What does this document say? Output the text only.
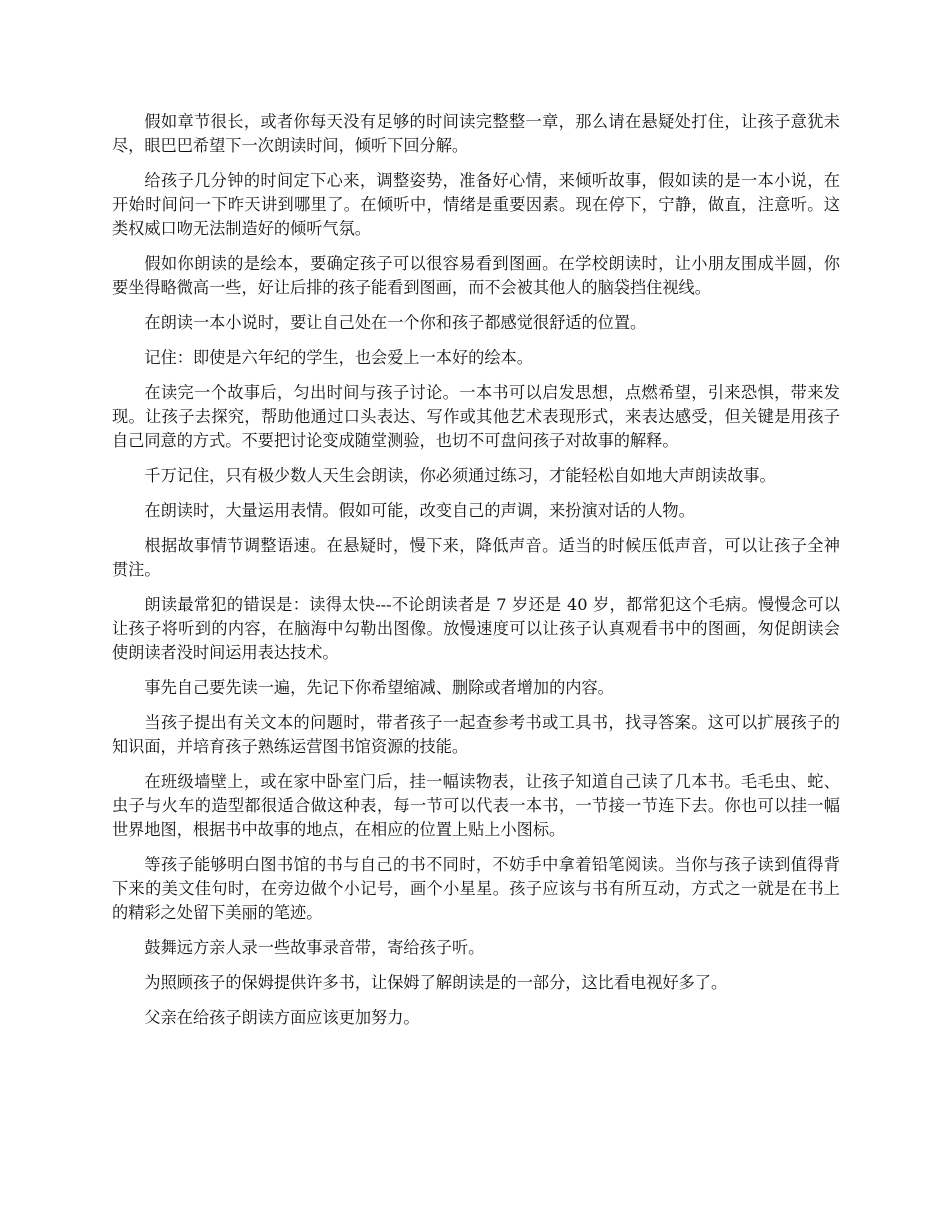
假如章节很长，或者你每天没有足够的时间读完整整一章，那么请在悬疑处打住，让孩子意犹未尽，眼巴巴希望下一次朗读时间，倾听下回分解。

给孩子几分钟的时间定下心来，调整姿势，准备好心情，来倾听故事，假如读的是一本小说，在开始时间问一下昨天讲到哪里了。在倾听中，情绪是重要因素。现在停下，宁静，做直，注意听。这类权威口吻无法制造好的倾听气氛。

假如你朗读的是绘本，要确定孩子可以很容易看到图画。在学校朗读时，让小朋友围成半圆，你要坐得略微高一些，好让后排的孩子能看到图画，而不会被其他人的脑袋挡住视线。

在朗读一本小说时，要让自己处在一个你和孩子都感觉很舒适的位置。

记住：即使是六年纪的学生，也会爱上一本好的绘本。

在读完一个故事后，匀出时间与孩子讨论。一本书可以启发思想，点燃希望，引来恐惧，带来发现。让孩子去探究，帮助他通过口头表达、写作或其他艺术表现形式，来表达感受，但关键是用孩子自己同意的方式。不要把讨论变成随堂测验，也切不可盘问孩子对故事的解释。

千万记住，只有极少数人天生会朗读，你必须通过练习，才能轻松自如地大声朗读故事。

在朗读时，大量运用表情。假如可能，改变自己的声调，来扮演对话的人物。

根据故事情节调整语速。在悬疑时，慢下来，降低声音。适当的时候压低声音，可以让孩子全神贯注。

朗读最常犯的错误是：读得太快---不论朗读者是 7 岁还是 40 岁，都常犯这个毛病。慢慢念可以让孩子将听到的内容，在脑海中勾勒出图像。放慢速度可以让孩子认真观看书中的图画，匆促朗读会使朗读者没时间运用表达技术。

事先自己要先读一遍，先记下你希望缩减、删除或者增加的内容。

当孩子提出有关文本的问题时，带者孩子一起查参考书或工具书，找寻答案。这可以扩展孩子的知识面，并培育孩子熟练运营图书馆资源的技能。

在班级墙壁上，或在家中卧室门后，挂一幅读物表，让孩子知道自己读了几本书。毛毛虫、蛇、虫子与火车的造型都很适合做这种表，每一节可以代表一本书，一节接一节连下去。你也可以挂一幅世界地图，根据书中故事的地点，在相应的位置上贴上小图标。

等孩子能够明白图书馆的书与自己的书不同时，不妨手中拿着铅笔阅读。当你与孩子读到值得背下来的美文佳句时，在旁边做个小记号，画个小星星。孩子应该与书有所互动，方式之一就是在书上的精彩之处留下美丽的笔迹。

鼓舞远方亲人录一些故事录音带，寄给孩子听。

为照顾孩子的保姆提供许多书，让保姆了解朗读是的一部分，这比看电视好多了。

父亲在给孩子朗读方面应该更加努力。
